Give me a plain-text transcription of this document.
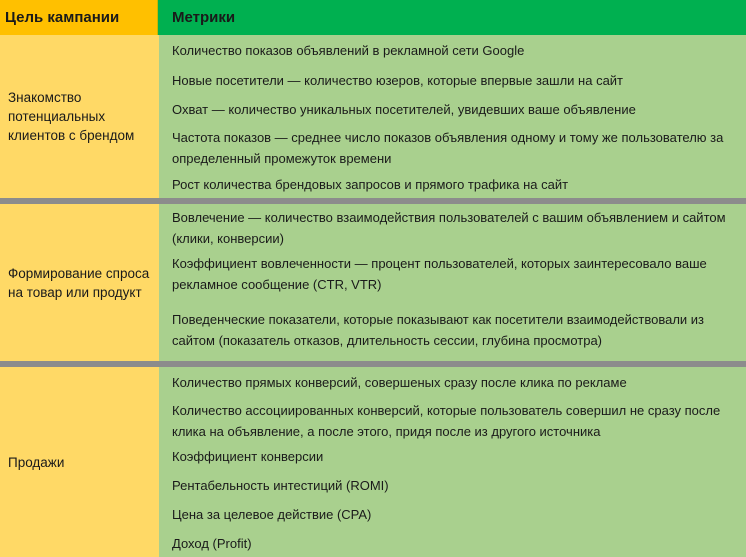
Цель кампании	Метрики
Знакомство потенциальных клиентов с брендом
Количество показов объявлений в рекламной сети Google
Новые посетители — количество юзеров, которые впервые зашли на сайт
Охват — количество уникальных посетителей, увидевших ваше объявление
Частота показов — среднее число показов объявления одному и тому же пользователю за определенный промежуток времени
Рост количества брендовых запросов и прямого трафика на сайт
Формирование спроса на товар или продукт
Вовлечение — количество взаимодействия пользователей с вашим объявлением и сайтом (клики, конверсии)
Коэффициент вовлеченности — процент пользователей, которых заинтересовало ваше рекламное сообщение (CTR, VTR)
Поведенческие показатели, которые показывают как посетители взаимодействовали из сайтом (показатель отказов, длительность сессии, глубина просмотра)
Продажи
Количество прямых конверсий, совершеных сразу после клика по рекламе
Количество ассоциированных конверсий, которые пользователь совершил не сразу после клика на объявление, а после этого, придя после из другого источника
Коэффициент конверсии
Рентабельность интестиций (ROMI)
Цена за целевое действие (CPA)
Доход (Profit)
